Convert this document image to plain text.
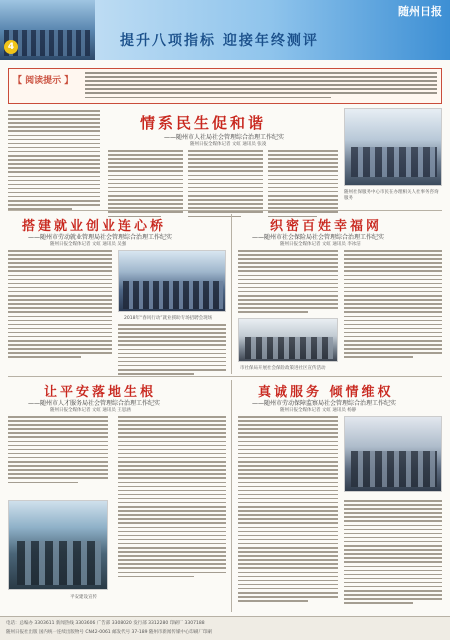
4	提升八项指标 迎接年终测评
随州日报
【 阅读提示 】
情系民生促和谐
——随州市人社局社会管理综合治理工作纪实
随州日报全媒体记者 文虹 通讯员 张凌
随州社保服务中心市民在办理相关人社事务咨询服务
搭建就业创业连心桥
——随州市劳动就业管理局社会管理综合治理工作纪实
随州日报全媒体记者 文虹 通讯员 吴强
2018年“春风行动”就业援助专场招聘会现场
织密百姓幸福网
——随州市社会保险局社会管理综合治理工作纪实
随州日报全媒体记者 文虹 通讯员 李冰洁
市社保局开展社会保险政策进社区宣传活动
让平安落地生根
——随州市人才服务局社会管理综合治理工作纪实
随州日报全媒体记者 文虹 通讯员 王思涵
平安建设宣传
真诚服务 倾情维权
——随州市劳动保障监察局社会管理综合治理工作纪实
随州日报全媒体记者 文虹 通讯员 杨静
电话：总编办 3303611 新闻热线 3303606 广告部 3308020 发行部 3312280 印刷厂 3307188
随州日报社出版 国内统一连续出版物号 CN42-0061 邮发代号 37-189 随州市新闻传媒中心印刷厂印刷
